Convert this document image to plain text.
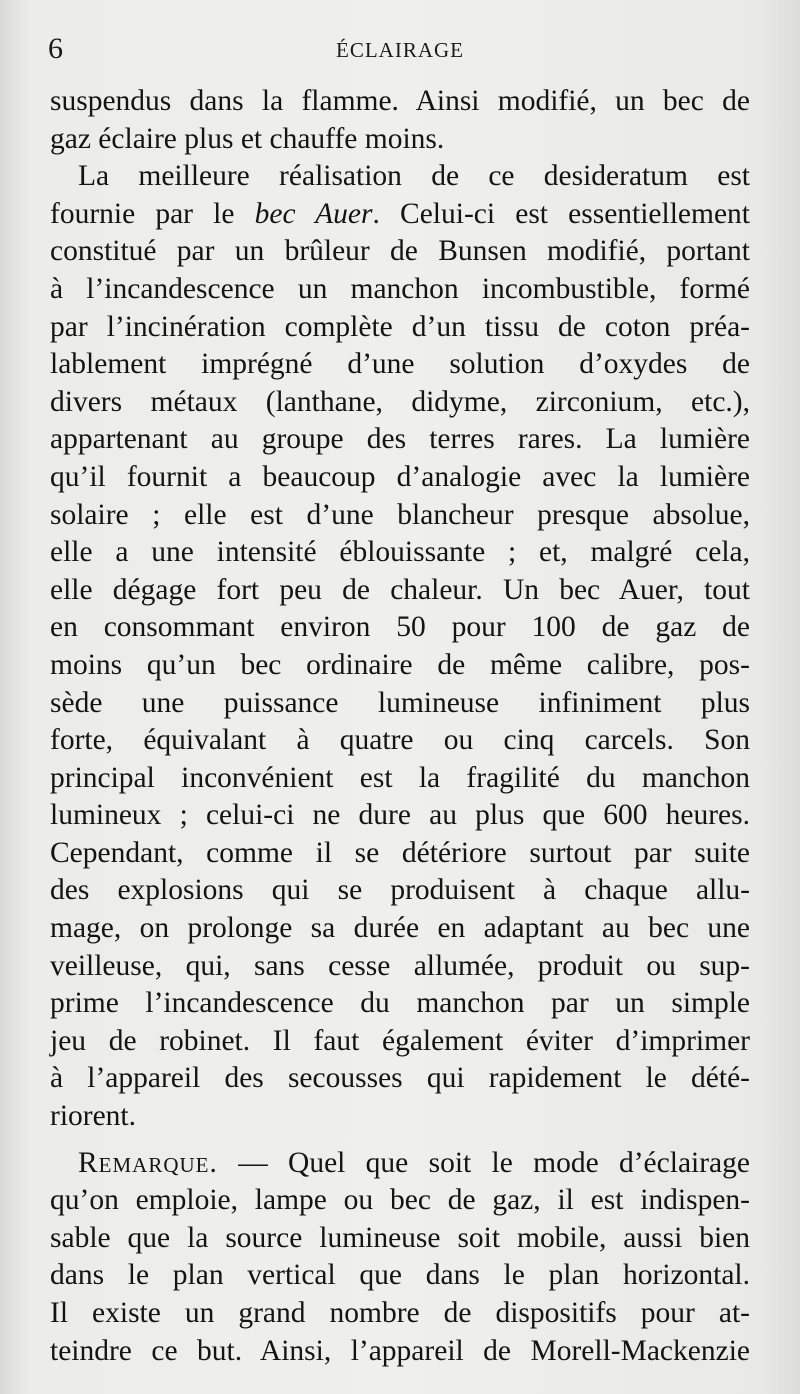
6	ÉCLAIRAGE
suspendus dans la flamme. Ainsi modifié, un bec de
gaz éclaire plus et chauffe moins.
La meilleure réalisation de ce desideratum est
fournie par le bec Auer. Celui-ci est essentiellement
constitué par un brûleur de Bunsen modifié, portant
à l’incandescence un manchon incombustible, formé
par l’incinération complète d’un tissu de coton préa-
lablement imprégné d’une solution d’oxydes de
divers métaux (lanthane, didyme, zirconium, etc.),
appartenant au groupe des terres rares. La lumière
qu’il fournit a beaucoup d’analogie avec la lumière
solaire ; elle est d’une blancheur presque absolue,
elle a une intensité éblouissante ; et, malgré cela,
elle dégage fort peu de chaleur. Un bec Auer, tout
en consommant environ 50 pour 100 de gaz de
moins qu’un bec ordinaire de même calibre, pos-
sède une puissance lumineuse infiniment plus
forte, équivalant à quatre ou cinq carcels. Son
principal inconvénient est la fragilité du manchon
lumineux ; celui-ci ne dure au plus que 600 heures.
Cependant, comme il se détériore surtout par suite
des explosions qui se produisent à chaque allu-
mage, on prolonge sa durée en adaptant au bec une
veilleuse, qui, sans cesse allumée, produit ou sup-
prime l’incandescence du manchon par un simple
jeu de robinet. Il faut également éviter d’imprimer
à l’appareil des secousses qui rapidement le dété-
riorent.
Remarque. — Quel que soit le mode d’éclairage
qu’on emploie, lampe ou bec de gaz, il est indispen-
sable que la source lumineuse soit mobile, aussi bien
dans le plan vertical que dans le plan horizontal.
Il existe un grand nombre de dispositifs pour at-
teindre ce but. Ainsi, l’appareil de Morell-Mackenzie
